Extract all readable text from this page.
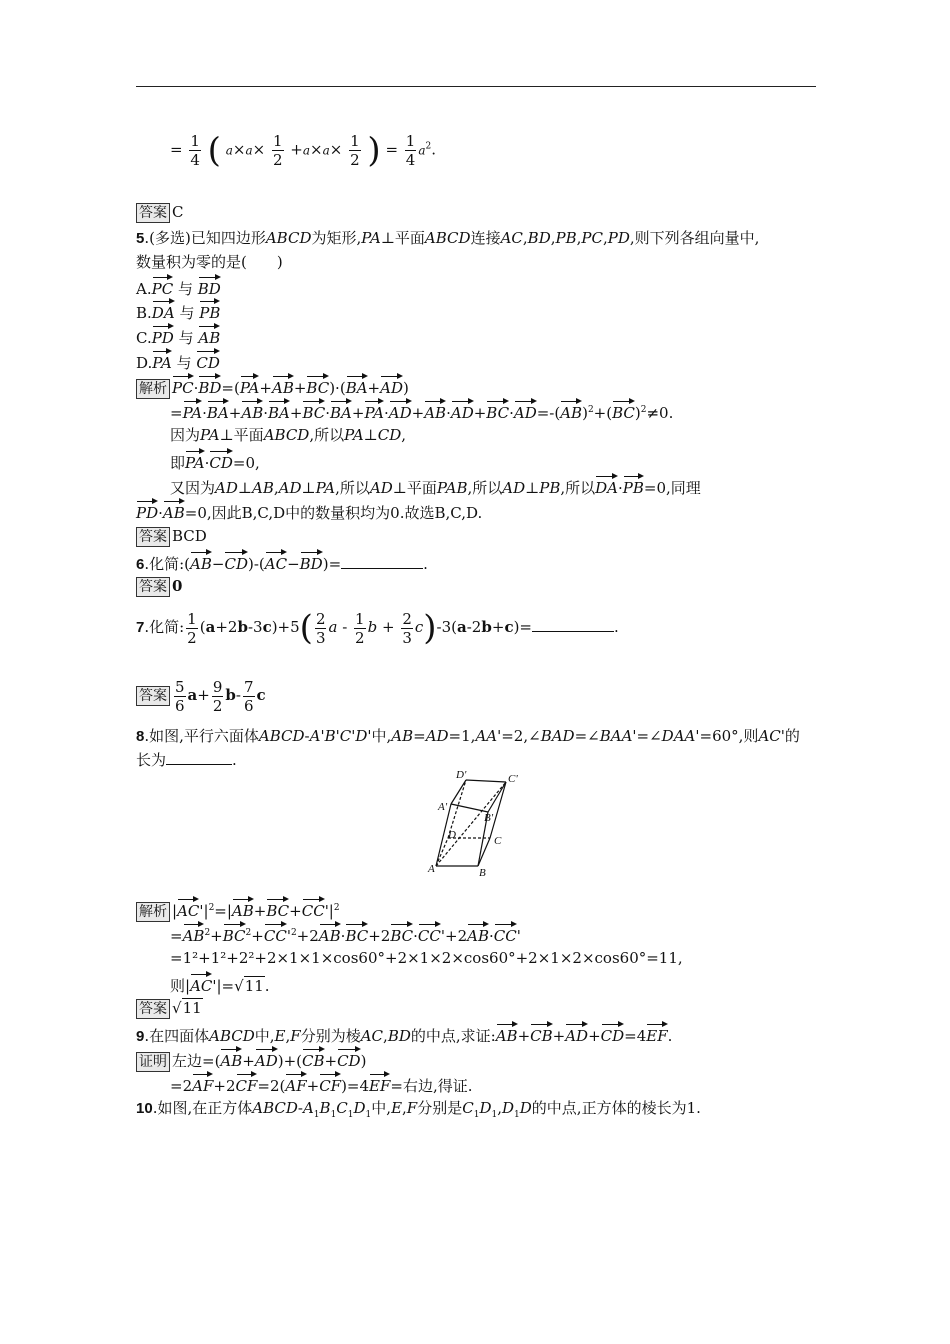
= $\frac{1}{4}$ ( $a\times a\times \frac{1}{2} +a\times a\times \frac{1}{2}$ ) = $\frac{1}{4} a^2$.
答案 C
5.(多选)已知四边形ABCD为矩形,PA⊥平面ABCD连接AC,BD,PB,PC,PD,则下列各组向量中,
数量积为零的是(　　)
A.PC 与 BD
B.DA 与 PB
C.PD 与 AB
D.PA 与 CD
解析 PC·BD=(PA+AB+BC)·(BA+AD)
=PA·BA+AB·BA+BC·BA+PA·AD+AB·AD+BC·AD=-(AB)$^2$+(BC)$^2$≠0.
因为PA⊥平面ABCD,所以PA⊥CD,
即PA·CD=0,
又因为AD⊥AB,AD⊥PA,所以AD⊥平面PAB,所以AD⊥PB,所以DA·PB=0,同理
PD·AB=0,因此B,C,D中的数量积均为0.故选B,C,D.
答案 BCD
6.化简:(AB−CD)-(AC−BD)=	.
答案 0
7.化简: $\frac{1}{2} (a+2b-3c)+5( \frac{2}{3}$ a - $\frac{1}{2}$ $b + \frac{2}{3} c)-3(a-2b+c)=$	.
答案 $\frac{5}{6} a+ \frac{9}{2} b- \frac{7}{6}$ c
8.如图,平行六面体ABCD-A'B'C'D'中,AB=AD=1,AA'=2,∠BAD=∠BAA'=∠DAA'=60°,则AC'的
长为	.
D'	C'
A'
B'
D	C
A	B
解析 $|AC'|^2=|AB+BC+CC'|^2$
$=AB^2+BC^2+CC'^2+2AB\cdot BC+2BC\cdot CC'+2AB\cdot CC'$
=1²+1²+2²+2×1×1×cos60°+2×1×2×cos60°+2×1×2×cos60°=11,
则|AC'|=√11.
答案 √11
9.在四面体ABCD中,E,F分别为棱AC,BD的中点,求证:AB+CB+AD+CD=4EF.
证明 左边=(AB+AD)+(CB+CD)
=2AF+2CF=2(AF+CF)=4EF=右边,得证.
10.如图,在正方体ABCD-$A_1B_1C_1D_1$中,E,F分别是$C_1D_1,D_1D$的中点,正方体的棱长为1.
